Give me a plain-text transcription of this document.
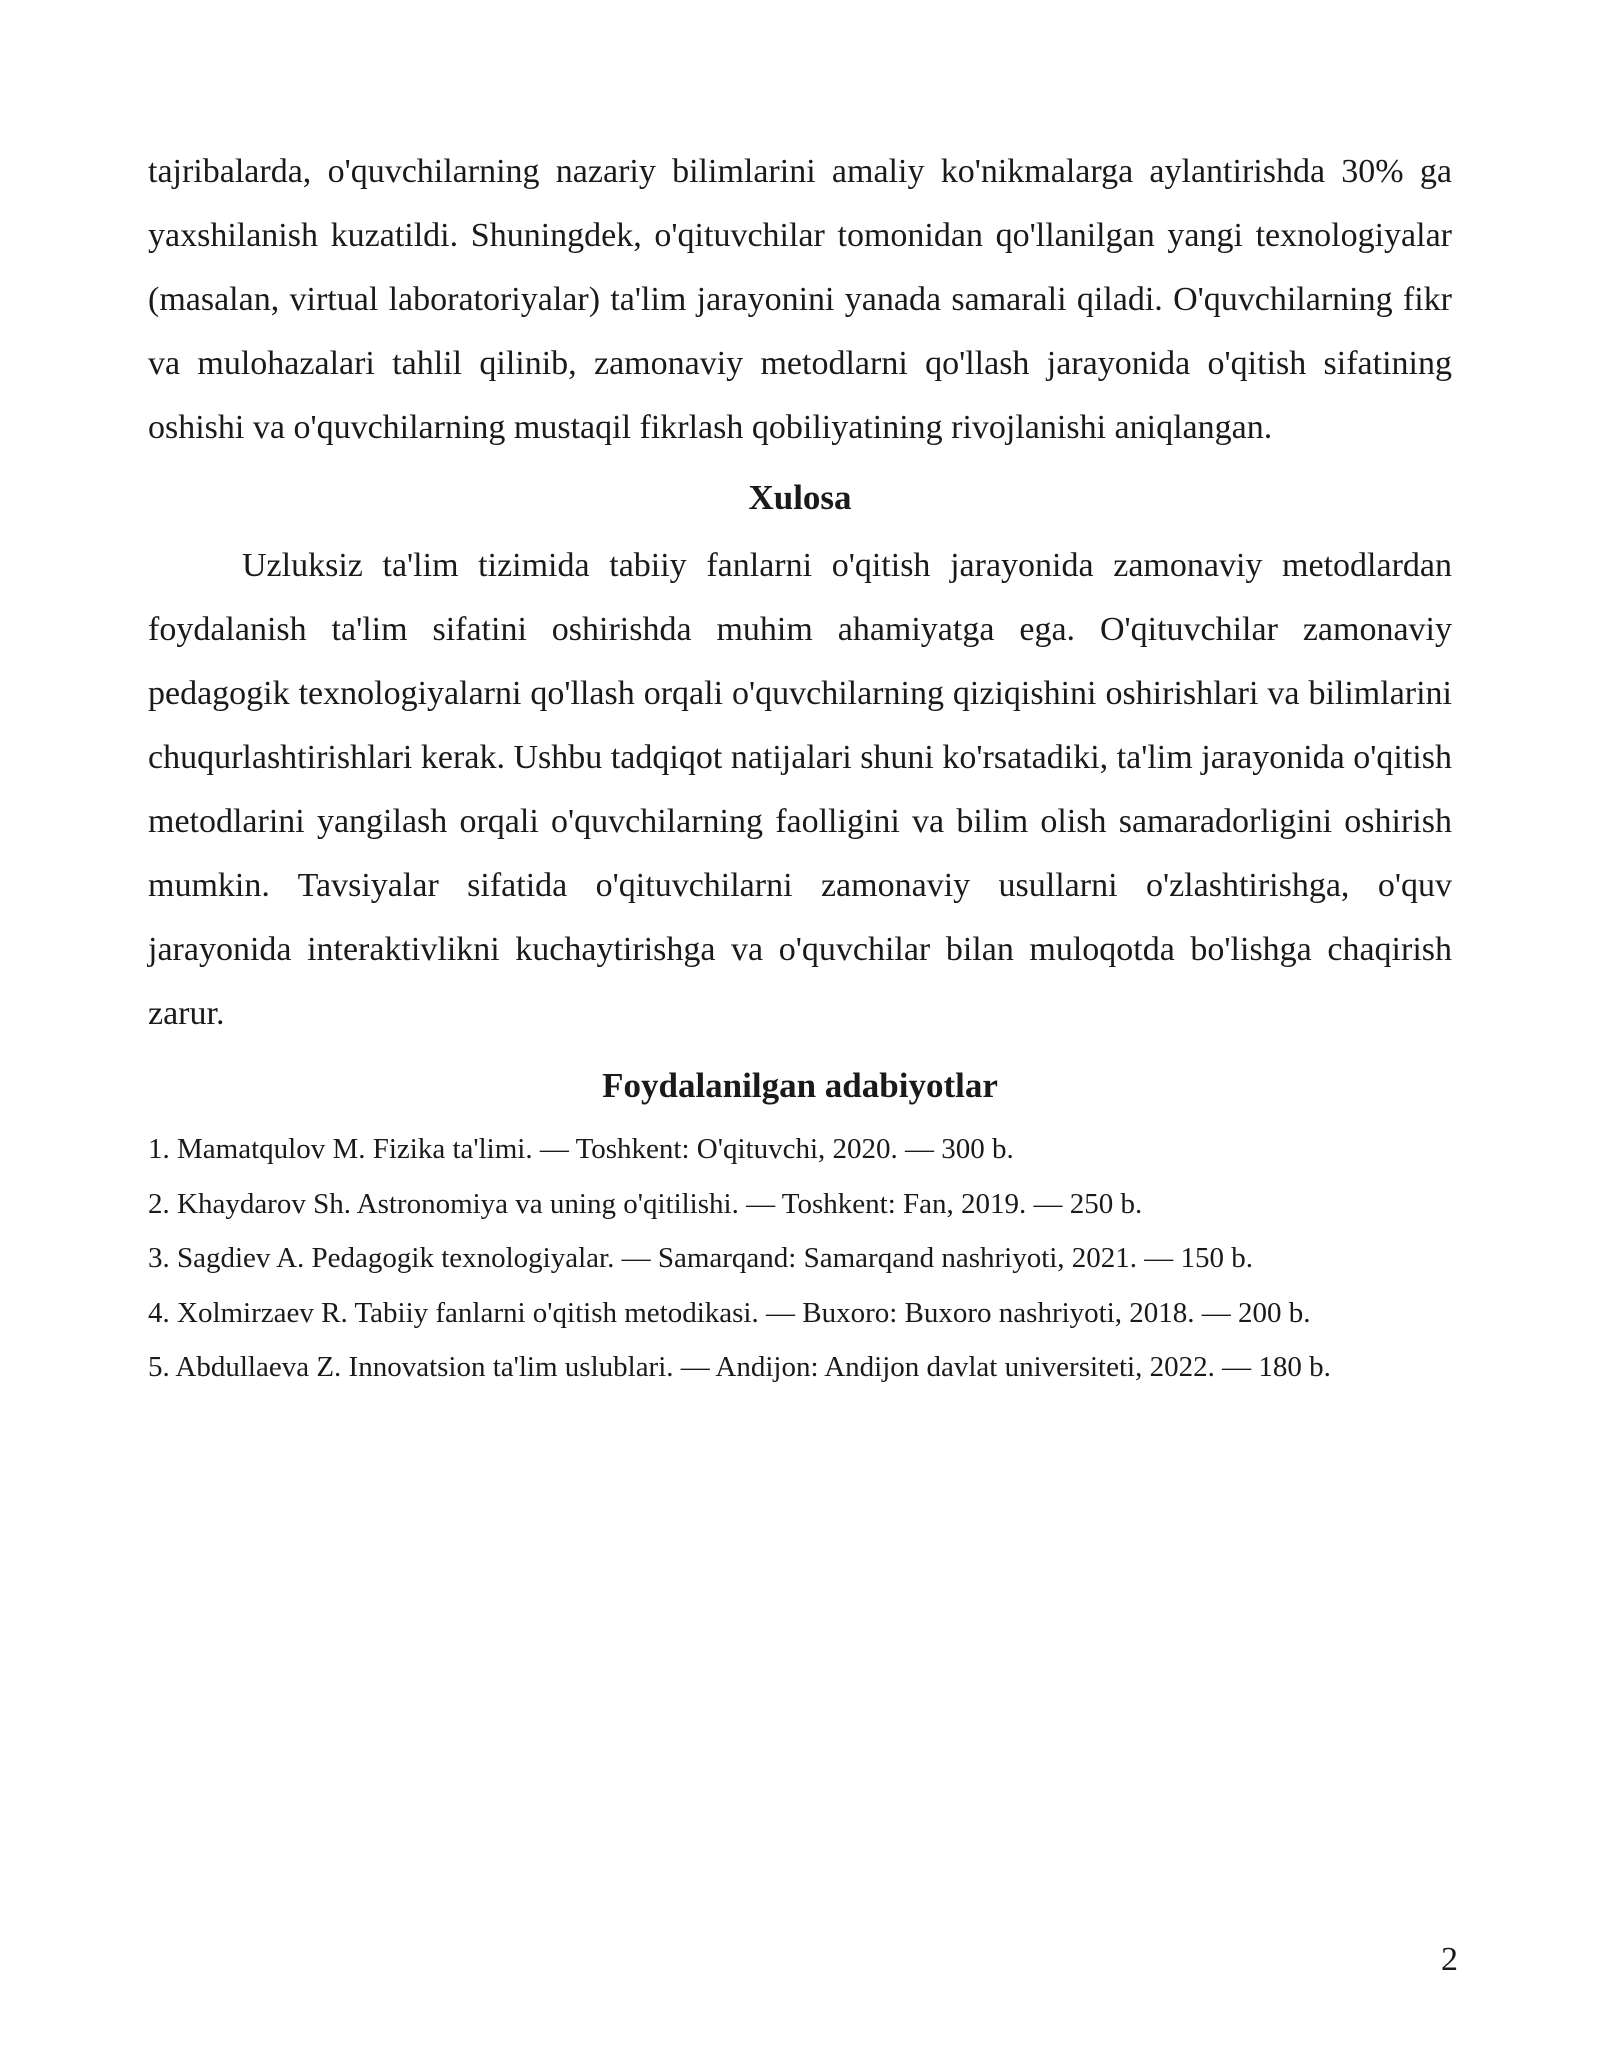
tajribalarda, o'quvchilarning nazariy bilimlarini amaliy ko'nikmalarga aylantirishda 30% ga yaxshilanish kuzatildi. Shuningdek, o'qituvchilar tomonidan qo'llanilgan yangi texnologiyalar (masalan, virtual laboratoriyalar) ta'lim jarayonini yanada samarali qiladi. O'quvchilarning fikr va mulohazalari tahlil qilinib, zamonaviy metodlarni qo'llash jarayonida o'qitish sifatining oshishi va o'quvchilarning mustaqil fikrlash qobiliyatining rivojlanishi aniqlangan.

Xulosa

Uzluksiz ta'lim tizimida tabiiy fanlarni o'qitish jarayonida zamonaviy metodlardan foydalanish ta'lim sifatini oshirishda muhim ahamiyatga ega. O'qituvchilar zamonaviy pedagogik texnologiyalarni qo'llash orqali o'quvchilarning qiziqishini oshirishlari va bilimlarini chuqurlashtirishlari kerak. Ushbu tadqiqot natijalari shuni ko'rsatadiki, ta'lim jarayonida o'qitish metodlarini yangilash orqali o'quvchilarning faolligini va bilim olish samaradorligini oshirish mumkin. Tavsiyalar sifatida o'qituvchilarni zamonaviy usullarni o'zlashtirishga, o'quv jarayonida interaktivlikni kuchaytirishga va o'quvchilar bilan muloqotda bo'lishga chaqirish zarur.

Foydalanilgan adabiyotlar
1. Mamatqulov M. Fizika ta'limi. — Toshkent: O'qituvchi, 2020. — 300 b.
2. Khaydarov Sh. Astronomiya va uning o'qitilishi. — Toshkent: Fan, 2019. — 250 b.
3. Sagdiev A. Pedagogik texnologiyalar. — Samarqand: Samarqand nashriyoti, 2021. — 150 b.
4. Xolmirzaev R. Tabiiy fanlarni o'qitish metodikasi. — Buxoro: Buxoro nashriyoti, 2018. — 200 b.
5. Abdullaeva Z. Innovatsion ta'lim uslublari. — Andijon: Andijon davlat universiteti, 2022. — 180 b.
2
